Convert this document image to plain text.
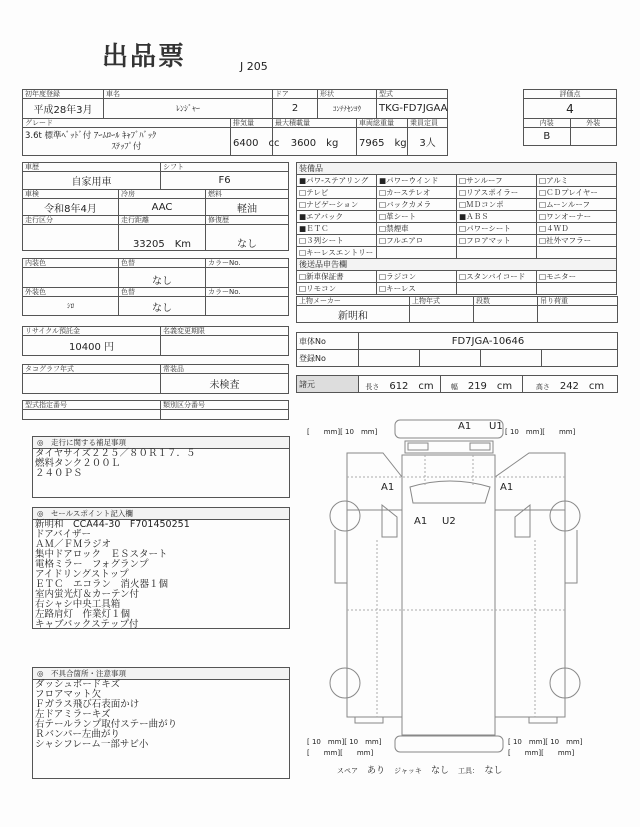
出品票	J 205
初年度登録	車名		ドア	形状		型式	
平成28年3月	ﾚﾝｼﾞｬｰ		2	ｺﾝﾃﾅｾﾝﾖｳ		TKG-FD7JGAA	
グレード		排気量	最大積載量		車両総重量		乗員定員

3.6t 標準ﾍﾞｯﾄﾞ付 ｱｰﾑﾛｰﾙ ｷｬﾌﾞﾊﾞｯｸ
ｽﾃｯﾌﾟ付		6400　cc	3600　kg		7965　kg		3人
評価点	
4	
内装	外装
B	
車歴		シフト	
自家用車		F6	
車検	冷房		燃料
令和8年4月	AAC		軽油
走行区分	走行距離		修復歴
	33205　Km		なし
内装色	色替	カラーNo.
	なし	
外装色	色替	カラーNo.
ｼﾛ	なし	
リサイクル預託金	名義変更期限
10400 円	
タコグラフ年式	常装品
	未検査
型式指定番号	類別区分番号

◎　走行に関する補足事項
タイヤサイズ２２５／８０Ｒ１７．５
燃料タンク２００Ｌ
２４０ＰＳ
◎　セールスポイント記入欄
新明和　CCA44-30　F701450251
ドアバイザー
ＡＭ／ＦＭラジオ
集中ドアロック　ＥＳスタート
電格ミラー　フォグランプ
アイドリングストップ
ＥＴＣ　エコラン　消火器１個
室内蛍光灯＆カーテン付
右シャシ中央工具箱
左路肩灯　作業灯１個
キャブバックステップ付
◎　不具合箇所・注意事項
ダッシュボードキズ
フロアマット欠
Ｆガラス飛び石表面かけ
左ドアミラーキズ
右テールランプ取付ステー曲がり
Ｒバンパー左曲がり
シャシフレーム一部サビ小
装備品			
■パワ-ステアリング	■パワーウインド	□サンルーフ	□アルミ
□テレビ	□カーステレオ	□リアスポイラー	□ＣＤプレイヤー
□ナビゲーション	□バックカメラ	□ＭＤコンポ	□ムーンルーフ
■エアバック	□革シート	■ＡＢＳ	□ワンオーナー
■ＥＴＣ	□禁煙車	□パワーシート	□４ＷＤ
□３列シート	□フルエアロ	□フロアマット	□社外マフラー
□キーレスエントリー			
後送品申告欄			
□新車保証書	□ラジコン	□スタンバイコード	□モニター
□リモコン	□キーレス		
上物メーカー	上物年式	段数	吊り荷重
新明和			
車体No	FD7JGA-10646			
登録No				
諸元	長さ　 612　cm	幅　 219　cm	高さ　 242　cm
[　　mm][ 10　mm]	[ 10　mm][　　mm]
A1 U1
A1	A1
A1 U2
[ 10　mm][ 10　mm]
[　　mm][　　mm]
[ 10　mm][ 10　mm]
[　　mm][　　mm]
スペア　 あり　 ジャッキ　 なし　 工具：　 なし
